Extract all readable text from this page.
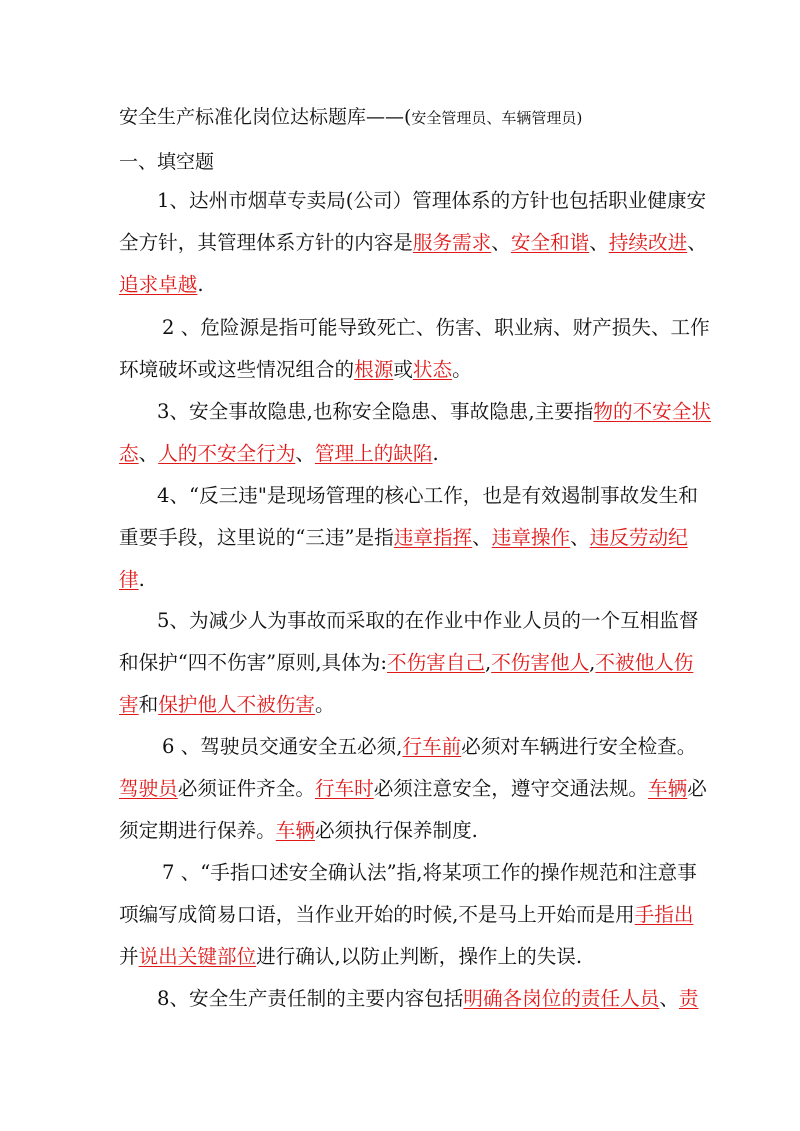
安全生产标准化岗位达标题库——(安全管理员、车辆管理员)
一、填空题
1、达州市烟草专卖局(公司）管理体系的方针也包括职业健康安
全方针，其管理体系方针的内容是服务需求、安全和谐、持续改进、
追求卓越.
2 、危险源是指可能导致死亡、伤害、职业病、财产损失、工作
环境破坏或这些情况组合的根源或状态。
3、安全事故隐患,也称安全隐患、事故隐患,主要指物的不安全状
态、人的不安全行为、管理上的缺陷.
4、“反三违"是现场管理的核心工作，也是有效遏制事故发生和
重要手段，这里说的“三违”是指违章指挥、违章操作、违反劳动纪
律.
5、为减少人为事故而采取的在作业中作业人员的一个互相监督
和保护“四不伤害”原则,具体为:不伤害自己,不伤害他人,不被他人伤
害和保护他人不被伤害。
6 、驾驶员交通安全五必须,行车前必须对车辆进行安全检查。
驾驶员必须证件齐全。行车时必须注意安全，遵守交通法规。车辆必
须定期进行保养。车辆必须执行保养制度.
7 、“手指口述安全确认法”指,将某项工作的操作规范和注意事
项编写成简易口语，当作业开始的时候,不是马上开始而是用手指出
并说出关键部位进行确认,以防止判断，操作上的失误.
8、安全生产责任制的主要内容包括明确各岗位的责任人员、责
